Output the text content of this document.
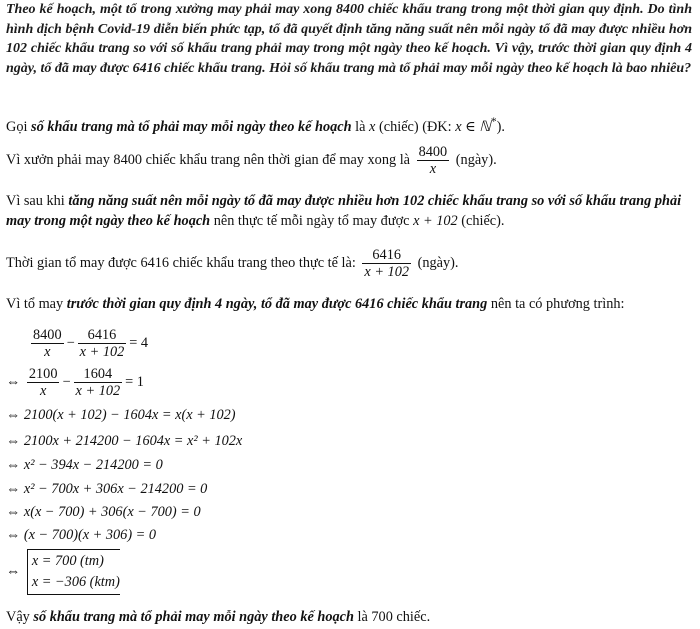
Theo kế hoạch, một tổ trong xưởng may phải may xong 8400 chiếc khẩu trang trong một thời gian quy định. Do tình hình dịch bệnh Covid-19 diễn biến phức tạp, tổ đã quyết định tăng năng suất nên mỗi ngày tổ đã may được nhiều hơn 102 chiếc khẩu trang so với số khẩu trang phải may trong một ngày theo kế hoạch. Vì vậy, trước thời gian quy định 4 ngày, tổ đã may được 6416 chiếc khẩu trang. Hỏi số khẩu trang mà tổ phải may mỗi ngày theo kế hoạch là bao nhiêu?

Gọi số khẩu trang mà tổ phải may mỗi ngày theo kế hoạch là x (chiếc) (ĐK: x ∈ ℕ*).
Vì xưởn phải may 8400 chiếc khẩu trang nên thời gian để may xong là $\frac{8400}{x}$ (ngày).

Vì sau khi tăng năng suất nên mỗi ngày tổ đã may được nhiều hơn 102 chiếc khẩu trang so với số khẩu trang phải may trong một ngày theo kế hoạch nên thực tế mỗi ngày tổ may được x + 102 (chiếc).

Thời gian tổ may được 6416 chiếc khẩu trang theo thực tế là: $\frac{6416}{x + 102}$ (ngày).
Vì tổ may trước thời gian quy định 4 ngày, tổ đã may được 6416 chiếc khẩu trang nên ta có phương trình:
$\frac{8400}{x} - \frac{6416}{x + 102} = 4$
⇔ $\frac{2100}{x} - \frac{1604}{x + 102} = 1$
⇔ 2100(x + 102) − 1604x = x(x + 102)
⇔ 2100x + 214200 − 1604x = x² + 102x
⇔ x² − 394x − 214200 = 0
⇔ x² − 700x + 306x − 214200 = 0
⇔ x(x − 700) + 306(x − 700) = 0
⇔ (x − 700)(x + 306) = 0
⇔
x = 700 (tm)
x = −306 (ktm)
Vậy số khẩu trang mà tổ phải may mỗi ngày theo kế hoạch là 700 chiếc.
